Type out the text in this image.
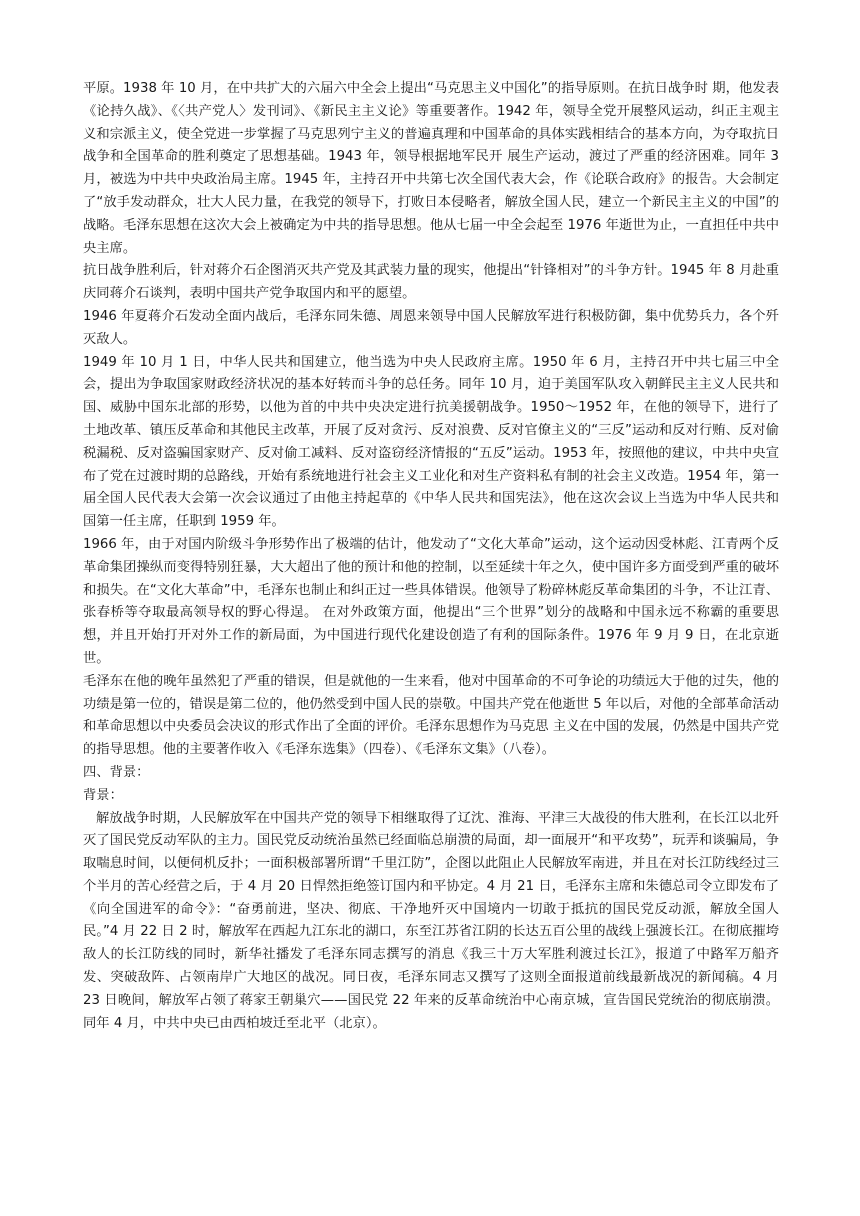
平原。1938 年 10 月，在中共扩大的六届六中全会上提出“马克思主义中国化”的指导原则。在抗日战争时 期，他发表《论持久战》、《〈共产党人〉发刊词》、《新民主主义论》等重要著作。1942 年，领导全党开展整风运动，纠正主观主义和宗派主义，使全党进一步掌握了马克思列宁主义的普遍真理和中国革命的具体实践相结合的基本方向，为夺取抗日战争和全国革命的胜利奠定了思想基础。1943 年，领导根据地军民开 展生产运动，渡过了严重的经济困难。同年 3 月，被选为中共中央政治局主席。1945 年，主持召开中共第七次全国代表大会，作《论联合政府》的报告。大会制定了“放手发动群众，壮大人民力量，在我党的领导下，打败日本侵略者，解放全国人民，建立一个新民主主义的中国”的战略。毛泽东思想在这次大会上被确定为中共的指导思想。他从七届一中全会起至 1976 年逝世为止，一直担任中共中央主席。

抗日战争胜利后，针对蒋介石企图消灭共产党及其武装力量的现实，他提出“针锋相对”的斗争方针。1945 年 8 月赴重庆同蒋介石谈判，表明中国共产党争取国内和平的愿望。

1946 年夏蒋介石发动全面内战后，毛泽东同朱德、周恩来领导中国人民解放军进行积极防御，集中优势兵力，各个歼灭敌人。

1949 年 10 月 1 日，中华人民共和国建立，他当选为中央人民政府主席。1950 年 6 月，主持召开中共七届三中全会，提出为争取国家财政经济状况的基本好转而斗争的总任务。同年 10 月，迫于美国军队攻入朝鲜民主主义人民共和国、威胁中国东北部的形势，以他为首的中共中央决定进行抗美援朝战争。1950～1952 年，在他的领导下，进行了土地改革、镇压反革命和其他民主改革，开展了反对贪污、反对浪费、反对官僚主义的“三反”运动和反对行贿、反对偷税漏税、反对盗骗国家财产、反对偷工减料、反对盗窃经济情报的“五反”运动。1953 年，按照他的建议，中共中央宣布了党在过渡时期的总路线，开始有系统地进行社会主义工业化和对生产资料私有制的社会主义改造。1954 年，第一届全国人民代表大会第一次会议通过了由他主持起草的《中华人民共和国宪法》，他在这次会议上当选为中华人民共和国第一任主席，任职到 1959 年。

1966 年，由于对国内阶级斗争形势作出了极端的估计，他发动了“文化大革命”运动，这个运动因受林彪、江青两个反革命集团操纵而变得特别狂暴，大大超出了他的预计和他的控制，以至延续十年之久，使中国许多方面受到严重的破坏和损失。在“文化大革命”中，毛泽东也制止和纠正过一些具体错误。他领导了粉碎林彪反革命集团的斗争，不让江青、张春桥等夺取最高领导权的野心得逞。 在对外政策方面，他提出“三个世界”划分的战略和中国永远不称霸的重要思想，并且开始打开对外工作的新局面，为中国进行现代化建设创造了有利的国际条件。1976 年 9 月 9 日，在北京逝世。

毛泽东在他的晚年虽然犯了严重的错误，但是就他的一生来看，他对中国革命的不可争论的功绩远大于他的过失，他的功绩是第一位的，错误是第二位的，他仍然受到中国人民的崇敬。中国共产党在他逝世 5 年以后，对他的全部革命活动和革命思想以中央委员会决议的形式作出了全面的评价。毛泽东思想作为马克思 主义在中国的发展，仍然是中国共产党的指导思想。他的主要著作收入《毛泽东选集》（四卷）、《毛泽东文集》（八卷）。

四、背景：

背景：

解放战争时期，人民解放军在中国共产党的领导下相继取得了辽沈、淮海、平津三大战役的伟大胜利，在长江以北歼灭了国民党反动军队的主力。国民党反动统治虽然已经面临总崩溃的局面，却一面展开“和平攻势”，玩弄和谈骗局，争取喘息时间，以便伺机反扑；一面积极部署所谓“千里江防”，企图以此阻止人民解放军南进，并且在对长江防线经过三个半月的苦心经营之后，于 4 月 20 日悍然拒绝签订国内和平协定。4 月 21 日，毛泽东主席和朱德总司令立即发布了《向全国进军的命令》：“奋勇前进，坚决、彻底、干净地歼灭中国境内一切敢于抵抗的国民党反动派，解放全国人民。”4 月 22 日 2 时，解放军在西起九江东北的湖口，东至江苏省江阴的长达五百公里的战线上强渡长江。在彻底摧垮敌人的长江防线的同时，新华社播发了毛泽东同志撰写的消息《我三十万大军胜利渡过长江》，报道了中路军万船齐发、突破敌阵、占领南岸广大地区的战况。同日夜，毛泽东同志又撰写了这则全面报道前线最新战况的新闻稿。4 月 23 日晚间，解放军占领了蒋家王朝巢穴——国民党 22 年来的反革命统治中心南京城，宣告国民党统治的彻底崩溃。同年 4 月，中共中央已由西柏坡迁至北平（北京）。
